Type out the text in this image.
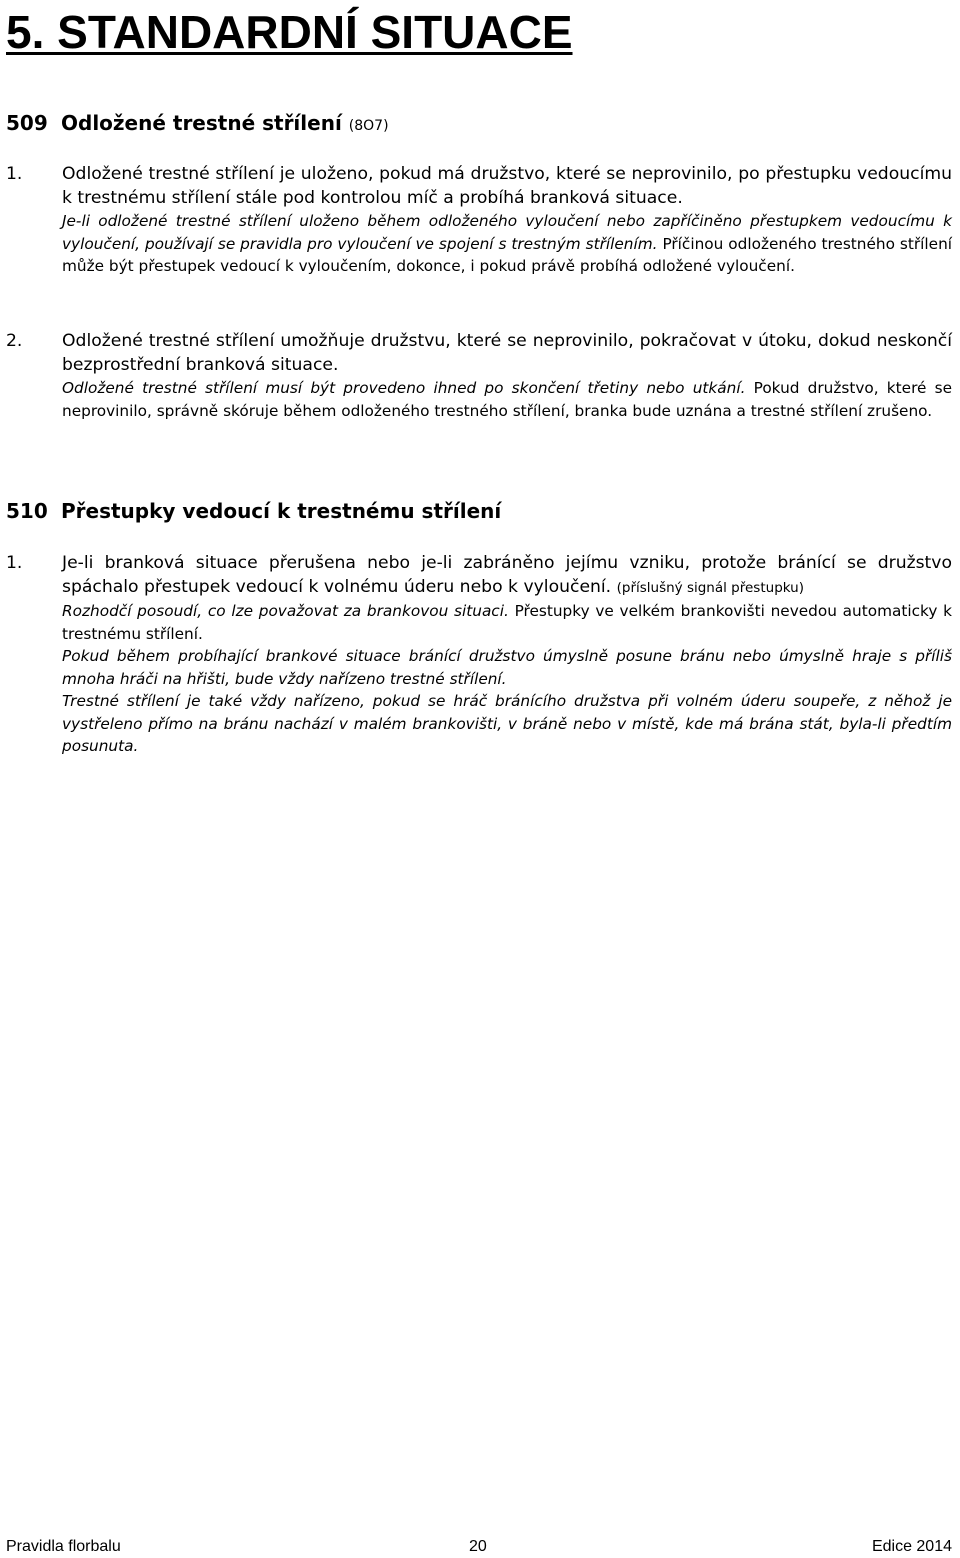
5. STANDARDNÍ SITUACE
509 Odložené trestné střílení (8O7)
1. Odložené trestné střílení je uloženo, pokud má družstvo, které se neprovinilo, po přestupku vedoucímu k trestnému střílení stále pod kontrolou míč a probíhá branková situace.

Je-li odložené trestné střílení uloženo během odloženého vyloučení nebo zapříčiněno přestupkem vedoucímu k vyloučení, používají se pravidla pro vyloučení ve spojení s trestným střílením. Příčinou odloženého trestného střílení může být přestupek vedoucí k vyloučením, dokonce, i pokud právě probíhá odložené vyloučení.

2. Odložené trestné střílení umožňuje družstvu, které se neprovinilo, pokračovat v útoku, dokud neskončí bezprostřední branková situace.

Odložené trestné střílení musí být provedeno ihned po skončení třetiny nebo utkání. Pokud družstvo, které se neprovinilo, správně skóruje během odloženého trestného střílení, branka bude uznána a trestné střílení zrušeno.

510 Přestupky vedoucí k trestnému střílení
1. Je-li branková situace přerušena nebo je-li zabráněno jejímu vzniku, protože bránící se družstvo spáchalo přestupek vedoucí k volnému úderu nebo k vyloučení. (příslušný signál přestupku)

Rozhodčí posoudí, co lze považovat za brankovou situaci. Přestupky ve velkém brankovišti nevedou automaticky k trestnému střílení.

Pokud během probíhající brankové situace bránící družstvo úmyslně posune bránu nebo úmyslně hraje s příliš mnoha hráči na hřišti, bude vždy nařízeno trestné střílení.

Trestné střílení je také vždy nařízeno, pokud se hráč bránícího družstva při volném úderu soupeře, z něhož je vystřeleno přímo na bránu nachází v malém brankovišti, v bráně nebo v místě, kde má brána stát, byla-li předtím posunuta.

Pravidla florbalu	20	Edice 2014
